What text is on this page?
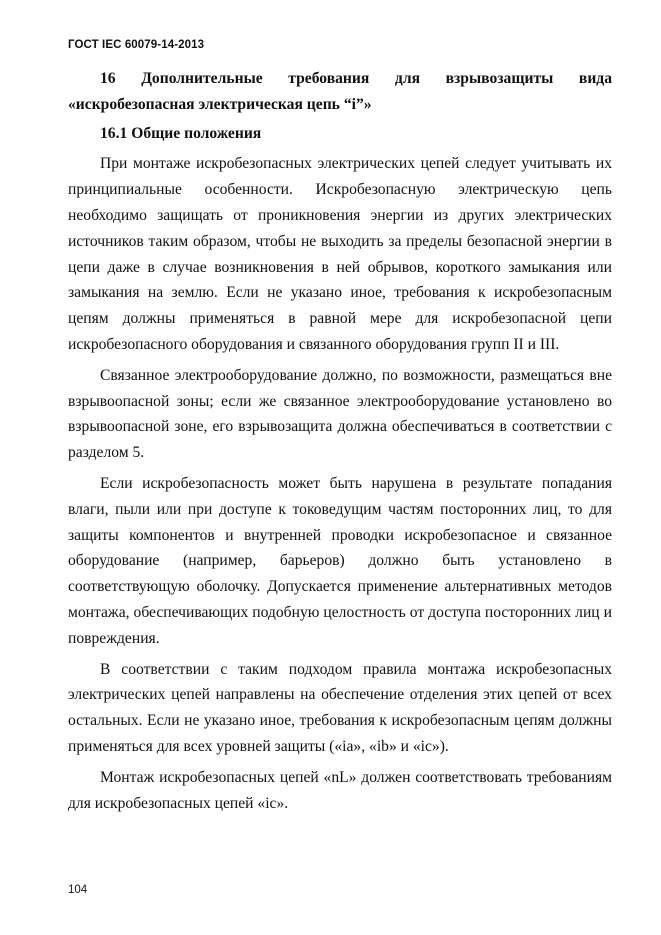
ГОСТ IEC 60079-14-2013

16 Дополнительные требования для взрывозащиты вида

«искробезопасная электрическая цепь “i”»

16.1 Общие положения

При монтаже искробезопасных электрических цепей следует учитывать их принципиальные особенности. Искробезопасную электрическую цепь необходимо защищать от проникновения энергии из других электрических источников таким образом, чтобы не выходить за пределы безопасной энергии в цепи даже в случае возникновения в ней обрывов, короткого замыкания или замыкания на землю. Если не указано иное, требования к искробезопасным цепям должны применяться в равной мере для искробезопасной цепи искробезопасного оборудования и связанного оборудования групп II и III.

Связанное электрооборудование должно, по возможности, размещаться вне взрывоопасной зоны; если же связанное электрооборудование установлено во взрывоопасной зоне, его взрывозащита должна обеспечиваться в соответствии с разделом 5.

Если искробезопасность может быть нарушена в результате попадания влаги, пыли или при доступе к токоведущим частям посторонних лиц, то для защиты компонентов и внутренней проводки искробезопасное и связанное оборудование (например, барьеров) должно быть установлено в соответствующую оболочку. Допускается применение альтернативных методов монтажа, обеспечивающих подобную целостность от доступа посторонних лиц и повреждения.

В соответствии с таким подходом правила монтажа искробезопасных электрических цепей направлены на обеспечение отделения этих цепей от всех остальных. Если не указано иное, требования к искробезопасным цепям должны применяться для всех уровней защиты («ia», «ib» и «ic»).

Монтаж искробезопасных цепей «nL» должен соответствовать требованиям для искробезопасных цепей «ic».

104
